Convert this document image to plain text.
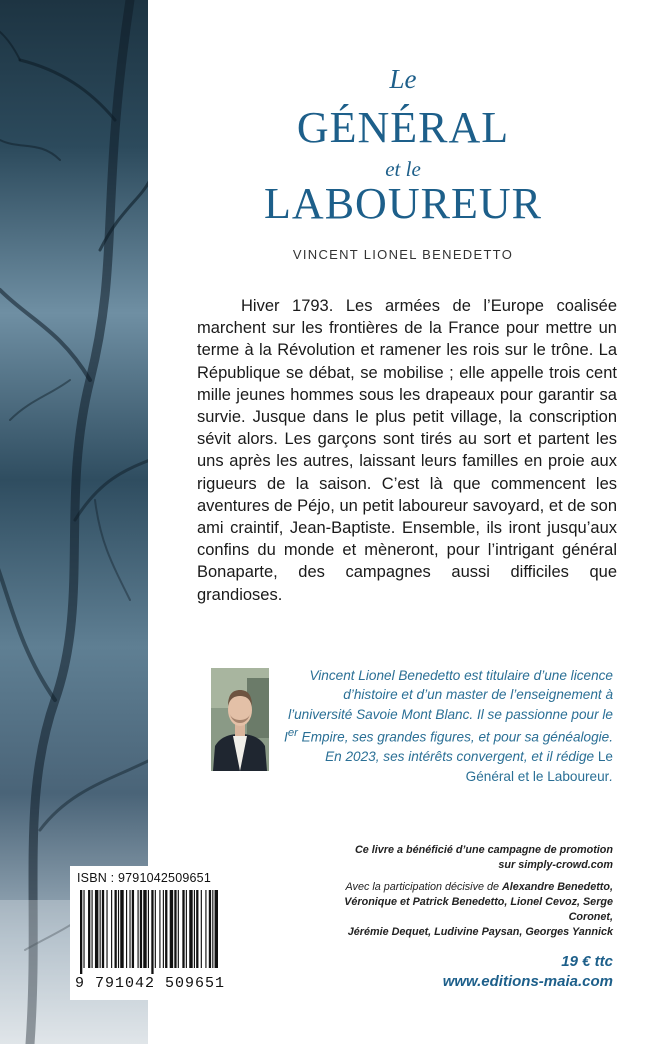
Le
GÉNÉRAL
et le
LABOUREUR
VINCENT LIONEL BENEDETTO

Hiver 1793. Les armées de l’Europe coalisée marchent sur les frontières de la France pour mettre un terme à la Révolution et ramener les rois sur le trône. La République se débat, se mobilise ; elle appelle trois cent mille jeunes hommes sous les drapeaux pour garantir sa survie. Jusque dans le plus petit village, la conscription sévit alors. Les garçons sont tirés au sort et partent les uns après les autres, laissant leurs familles en proie aux rigueurs de la saison. C’est là que commencent les aventures de Péjo, un petit laboureur savoyard, et de son ami craintif, Jean-Baptiste. Ensemble, ils iront jusqu’aux confins du monde et mèneront, pour l’intrigant général Bonaparte, des campagnes aussi difficiles que grandioses.

Vincent Lionel Benedetto est titulaire d’une licence d’histoire et d’un master de l’enseignement à l’université Savoie Mont Blanc. Il se passionne pour le Ier Empire, ses grandes figures, et pour sa généalogie. En 2023, ses intérêts convergent, et il rédige Le Général et le Laboureur.

Ce livre a bénéficié d’une campagne de promotion
sur simply-crowd.com

Avec la participation décisive de Alexandre Benedetto,
Véronique et Patrick Benedetto, Lionel Cevoz, Serge Coronet,
Jérémie Dequet, Ludivine Paysan, Georges Yannick

19 € ttc
www.editions-maia.com
ISBN : 9791042509651
9 791042 509651
